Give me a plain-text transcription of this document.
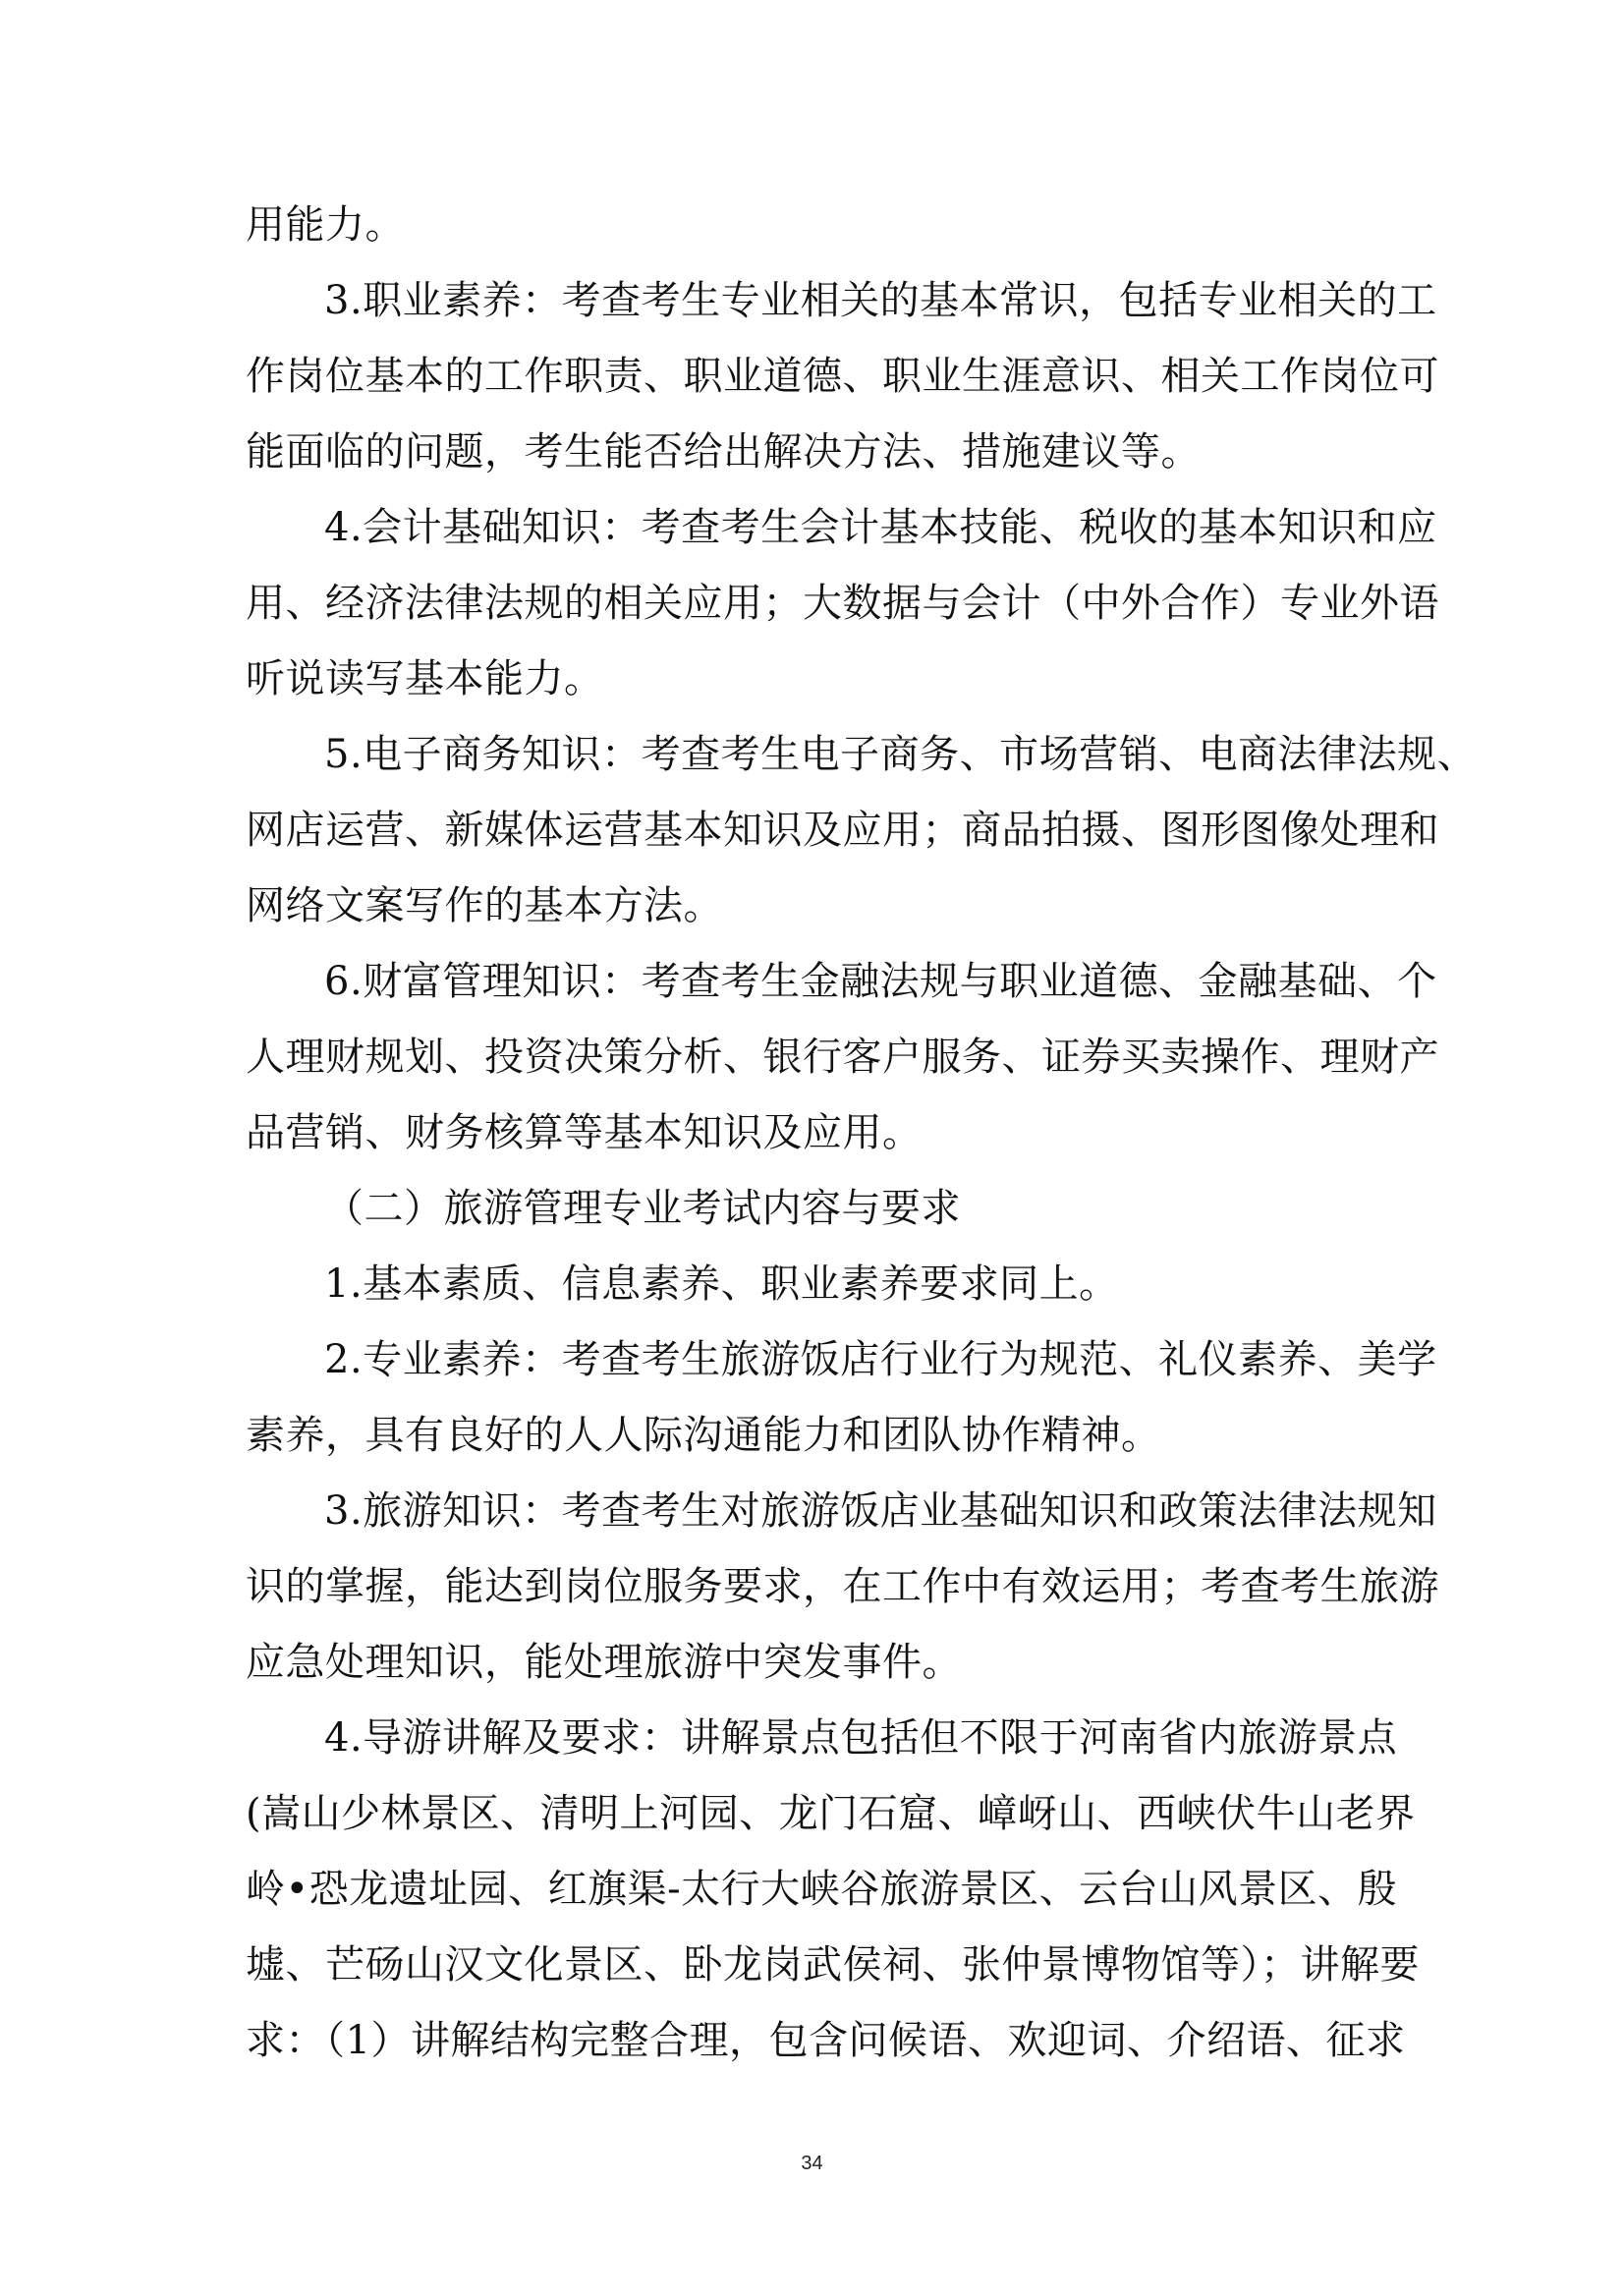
用能力。

3.职业素养：考查考生专业相关的基本常识，包括专业相关的工

作岗位基本的工作职责、职业道德、职业生涯意识、相关工作岗位可

能面临的问题，考生能否给出解决方法、措施建议等。

4.会计基础知识：考查考生会计基本技能、税收的基本知识和应

用、经济法律法规的相关应用；大数据与会计（中外合作）专业外语

听说读写基本能力。

5.电子商务知识：考查考生电子商务、市场营销、电商法律法规、

网店运营、新媒体运营基本知识及应用；商品拍摄、图形图像处理和

网络文案写作的基本方法。

6.财富管理知识：考查考生金融法规与职业道德、金融基础、个

人理财规划、投资决策分析、银行客户服务、证券买卖操作、理财产

品营销、财务核算等基本知识及应用。

（二）旅游管理专业考试内容与要求

1.基本素质、信息素养、职业素养要求同上。

2.专业素养：考查考生旅游饭店行业行为规范、礼仪素养、美学

素养，具有良好的人人际沟通能力和团队协作精神。

3.旅游知识：考查考生对旅游饭店业基础知识和政策法律法规知

识的掌握，能达到岗位服务要求，在工作中有效运用；考查考生旅游

应急处理知识，能处理旅游中突发事件。

4.导游讲解及要求：讲解景点包括但不限于河南省内旅游景点

(嵩山少林景区、清明上河园、龙门石窟、嶂岈山、西峡伏牛山老界

岭•恐龙遗址园、红旗渠-太行大峡谷旅游景区、云台山风景区、殷

墟、芒砀山汉文化景区、卧龙岗武侯祠、张仲景博物馆等）；讲解要

求：（1）讲解结构完整合理，包含问候语、欢迎词、介绍语、征求

34
